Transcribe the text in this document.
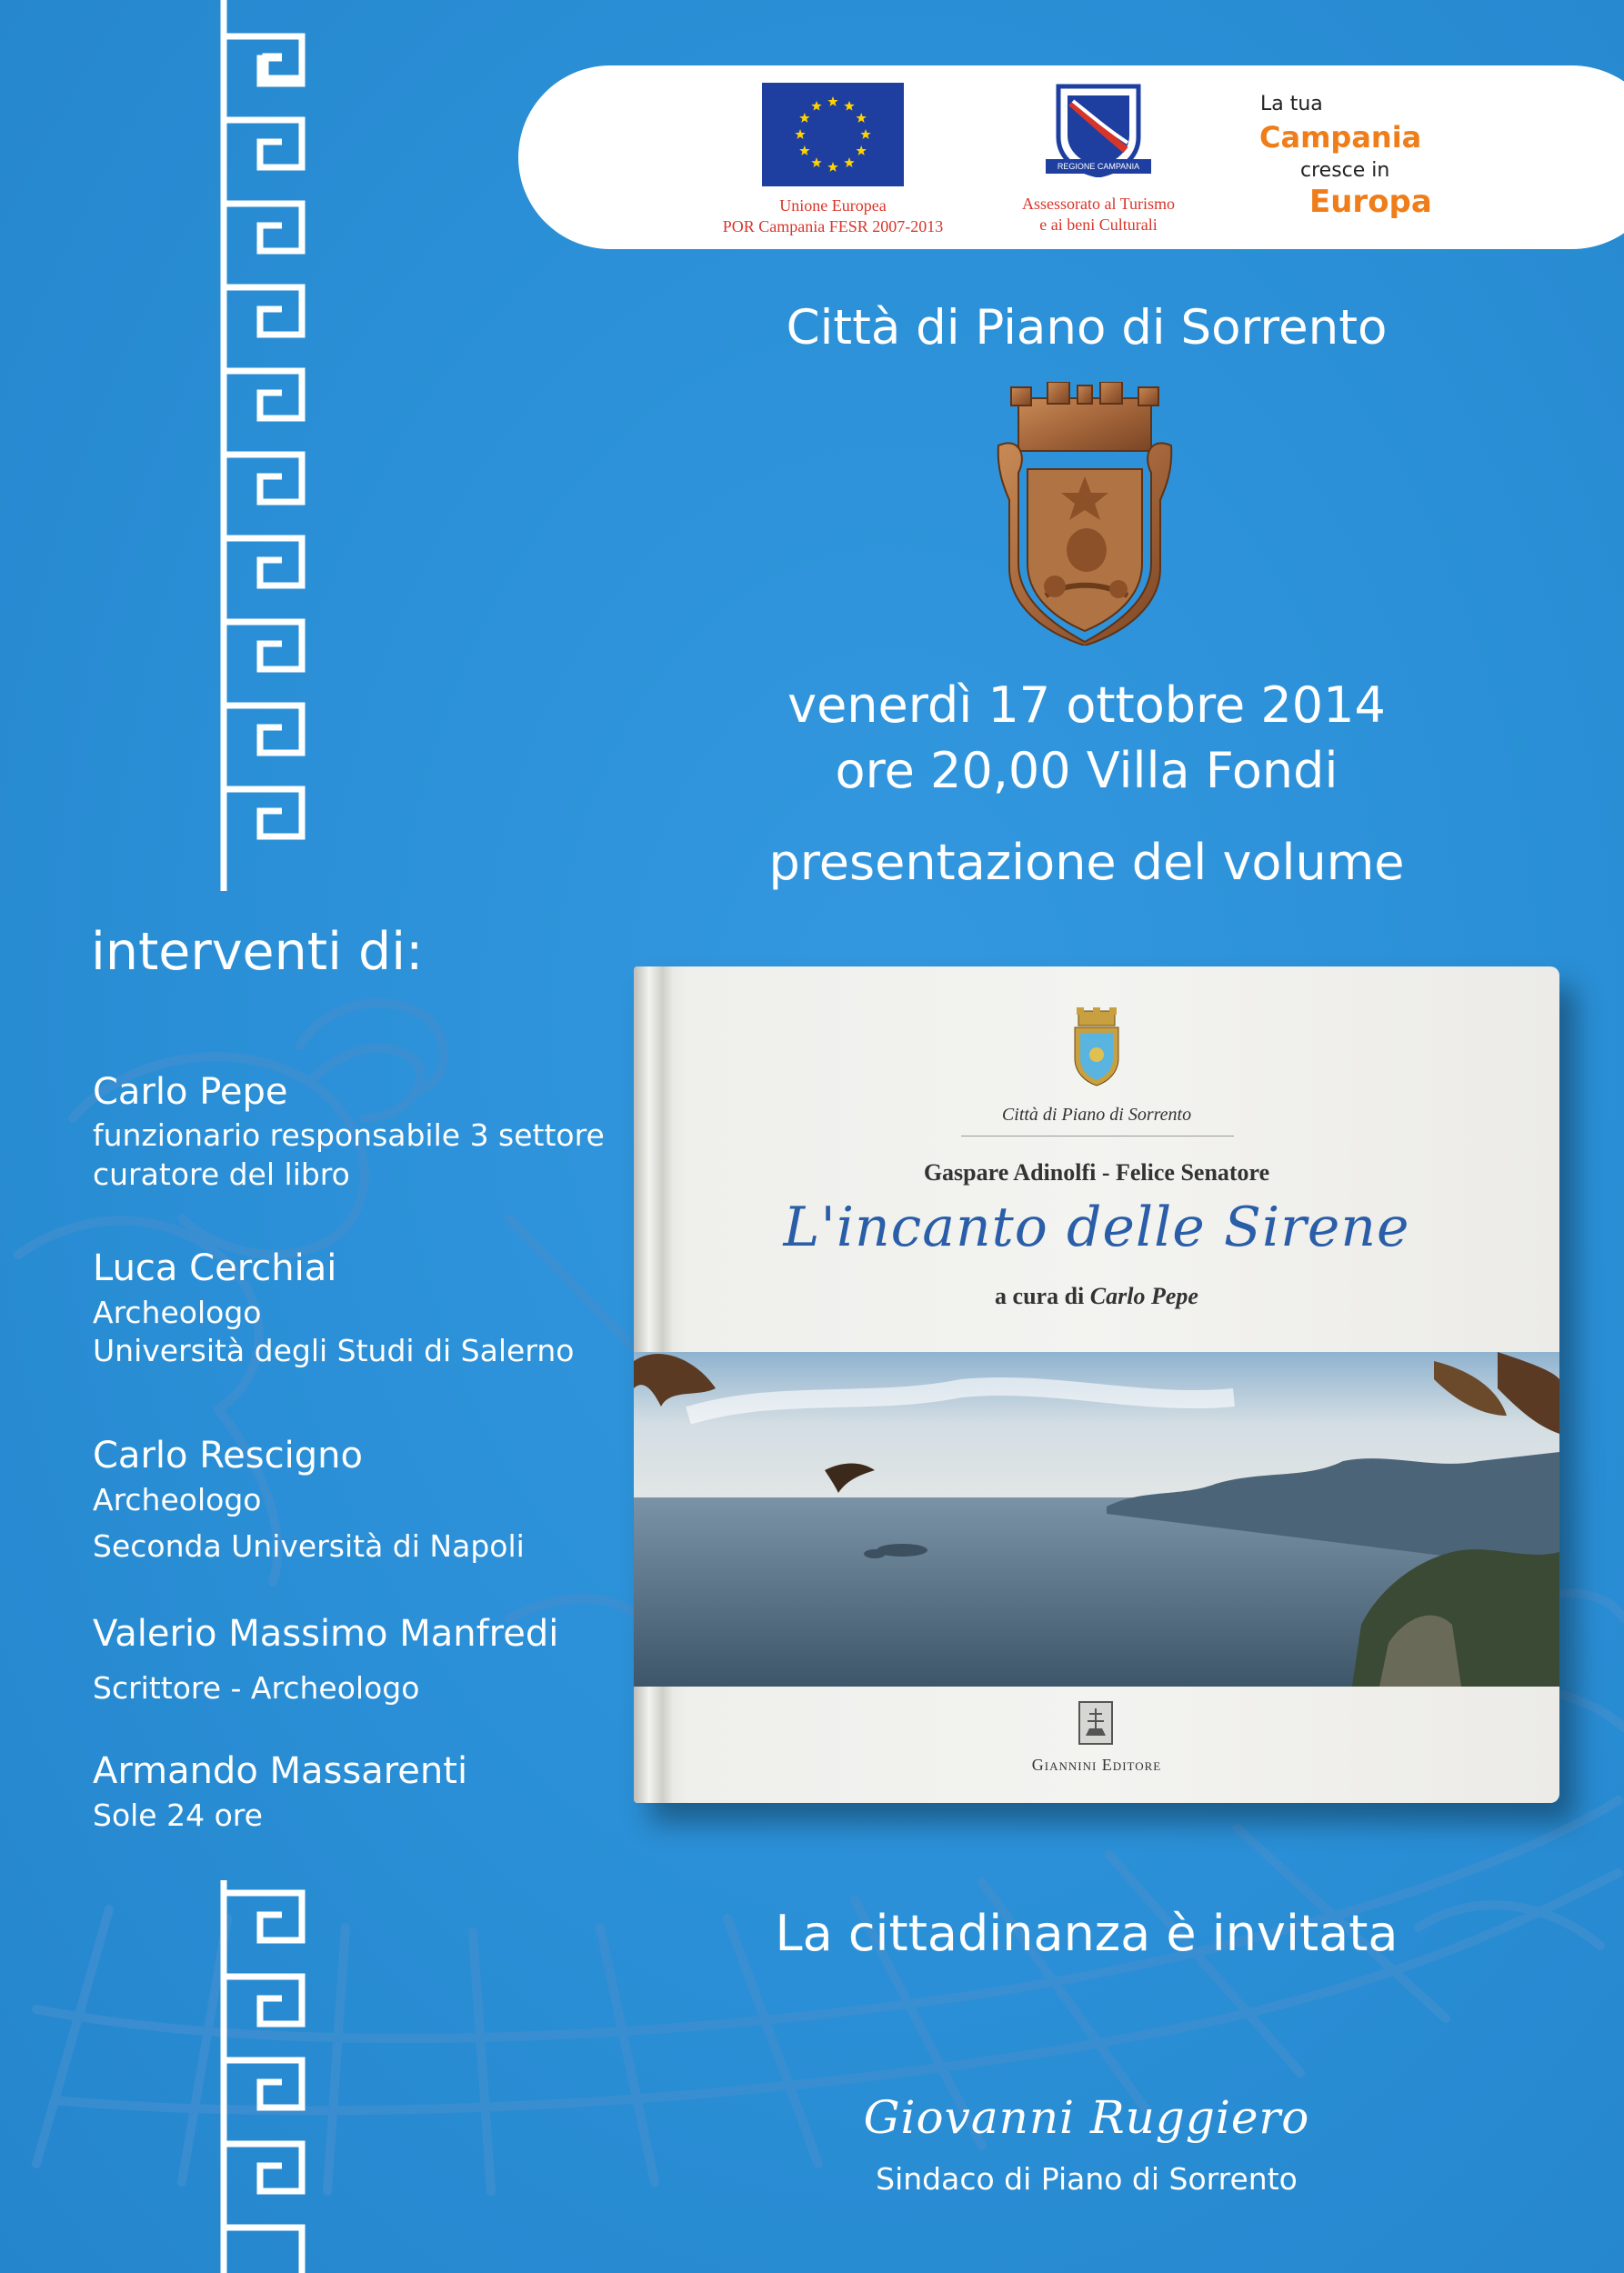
Unione Europea
POR Campania FESR 2007-2013
REGIONE CAMPANIA
Assessorato al Turismo
e ai beni Culturali
La tua
Campania
cresce in
Europa
Città di Piano di Sorrento
venerdì 17 ottobre 2014
ore 20,00 Villa Fondi
presentazione del volume
interventi di:
Carlo Pepe
funzionario responsabile 3 settore
curatore del libro
Luca Cerchiai
Archeologo
Università degli Studi di Salerno
Carlo Rescigno
Archeologo
Seconda Università di Napoli
Valerio Massimo Manfredi
Scrittore - Archeologo
Armando Massarenti
Sole 24 ore
Città di Piano di Sorrento
Gaspare Adinolfi - Felice Senatore
L'incanto delle Sirene
a cura di Carlo Pepe
Giannini Editore
La cittadinanza è invitata
Giovanni Ruggiero
Sindaco di Piano di Sorrento
